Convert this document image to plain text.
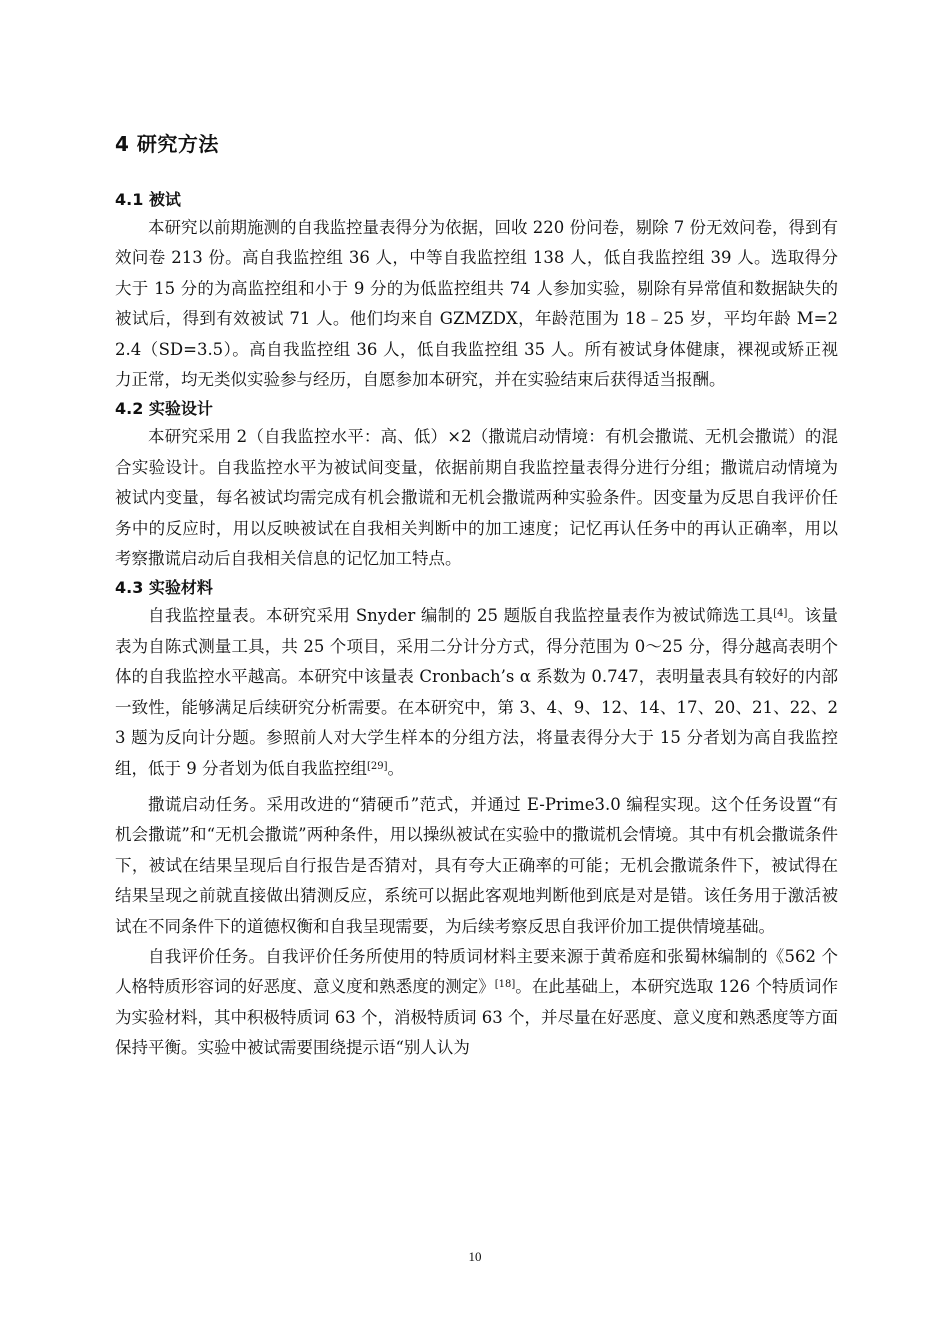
4 研究方法
4.1 被试

本研究以前期施测的自我监控量表得分为依据，回收 220 份问卷，剔除 7 份无效问卷，得到有效问卷 213 份。高自我监控组 36 人，中等自我监控组 138 人，低自我监控组 39 人。选取得分大于 15 分的为高监控组和小于 9 分的为低监控组共 74 人参加实验，剔除有异常值和数据缺失的被试后，得到有效被试 71 人。他们均来自 GZMZDX，年龄范围为 18﹣25 岁，平均年龄 M=22.4（SD=3.5）。高自我监控组 36 人，低自我监控组 35 人。所有被试身体健康，裸视或矫正视力正常，均无类似实验参与经历，自愿参加本研究，并在实验结束后获得适当报酬。

4.2 实验设计

本研究采用 2（自我监控水平：高、低）×2（撒谎启动情境：有机会撒谎、无机会撒谎）的混合实验设计。自我监控水平为被试间变量，依据前期自我监控量表得分进行分组；撒谎启动情境为被试内变量，每名被试均需完成有机会撒谎和无机会撒谎两种实验条件。因变量为反思自我评价任务中的反应时，用以反映被试在自我相关判断中的加工速度；记忆再认任务中的再认正确率，用以考察撒谎启动后自我相关信息的记忆加工特点。

4.3 实验材料

自我监控量表。本研究采用 Snyder 编制的 25 题版自我监控量表作为被试筛选工具[4]。该量表为自陈式测量工具，共 25 个项目，采用二分计分方式，得分范围为 0～25 分，得分越高表明个体的自我监控水平越高。本研究中该量表 Cronbach’s α 系数为 0.747，表明量表具有较好的内部一致性，能够满足后续研究分析需要。在本研究中，第 3、4、9、12、14、17、20、21、22、23 题为反向计分题。参照前人对大学生样本的分组方法，将量表得分大于 15 分者划为高自我监控组，低于 9 分者划为低自我监控组[29]。

撒谎启动任务。采用改进的“猜硬币”范式，并通过 E-Prime3.0 编程实现。这个任务设置“有机会撒谎”和“无机会撒谎”两种条件，用以操纵被试在实验中的撒谎机会情境。其中有机会撒谎条件下，被试在结果呈现后自行报告是否猜对，具有夸大正确率的可能；无机会撒谎条件下，被试得在结果呈现之前就直接做出猜测反应，系统可以据此客观地判断他到底是对是错。该任务用于激活被试在不同条件下的道德权衡和自我呈现需要，为后续考察反思自我评价加工提供情境基础。

自我评价任务。自我评价任务所使用的特质词材料主要来源于黄希庭和张蜀林编制的《562 个人格特质形容词的好恶度、意义度和熟悉度的测定》[18]。在此基础上，本研究选取 126 个特质词作为实验材料，其中积极特质词 63 个，消极特质词 63 个，并尽量在好恶度、意义度和熟悉度等方面保持平衡。实验中被试需要围绕提示语“别人认为

10
